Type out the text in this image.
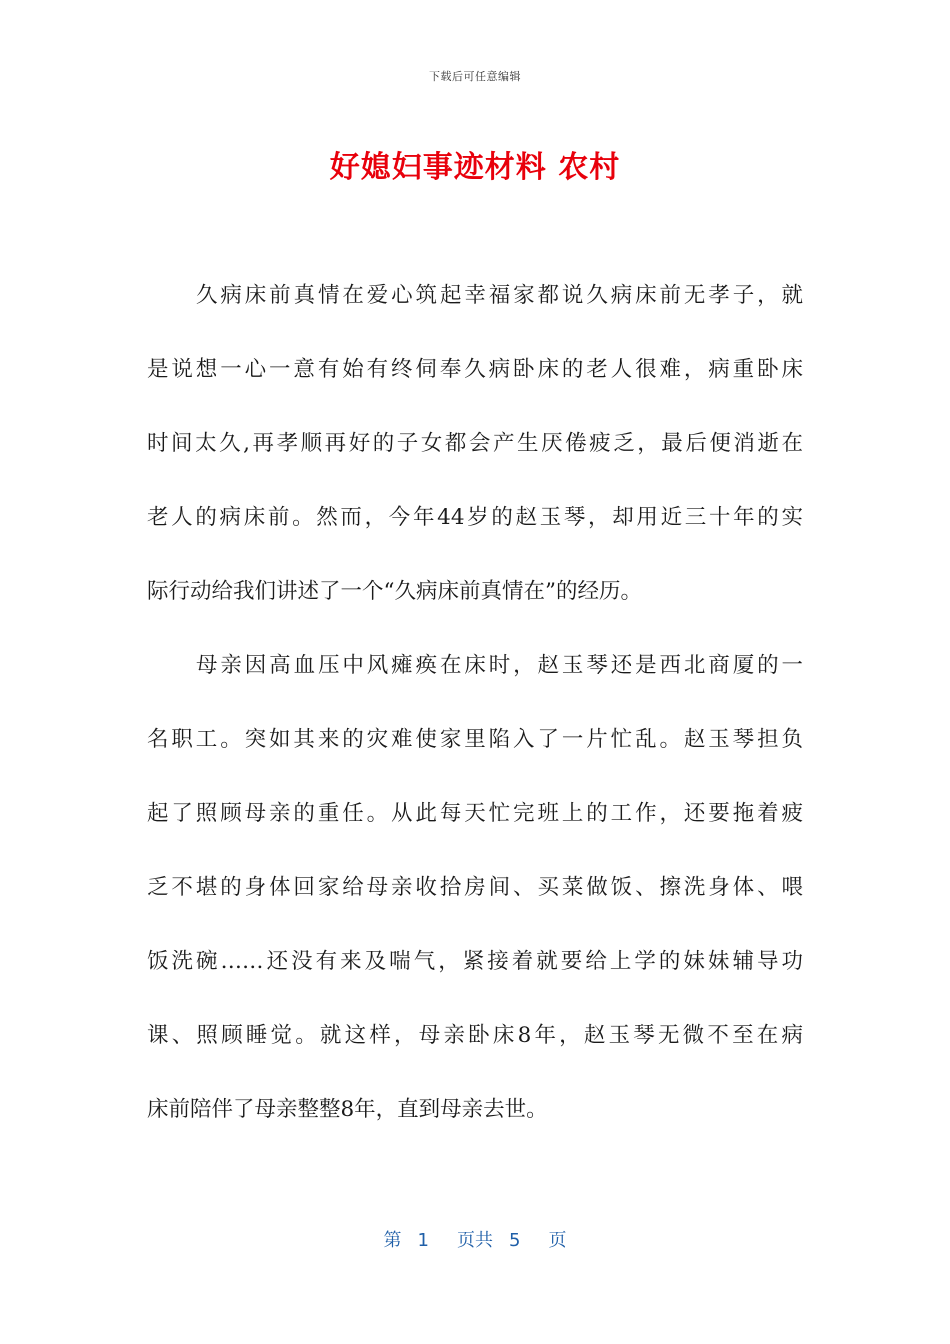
下载后可任意编辑
好媳妇事迹材料 农村
久病床前真情在爱心筑起幸福家都说久病床前无孝子，就
是说想一心一意有始有终伺奉久病卧床的老人很难，病重卧床
时间太久,再孝顺再好的子女都会产生厌倦疲乏，最后便消逝在
老人的病床前。然而，今年44岁的赵玉琴，却用近三十年的实
际行动给我们讲述了一个“久病床前真情在”的经历。
母亲因高血压中风瘫痪在床时，赵玉琴还是西北商厦的一
名职工。突如其来的灾难使家里陷入了一片忙乱。赵玉琴担负
起了照顾母亲的重任。从此每天忙完班上的工作，还要拖着疲
乏不堪的身体回家给母亲收拾房间、买菜做饭、擦洗身体、喂
饭洗碗……还没有来及喘气，紧接着就要给上学的妹妹辅导功
课、照顾睡觉。就这样，母亲卧床8年，赵玉琴无微不至在病
床前陪伴了母亲整整8年，直到母亲去世。
第 1 页共 5 页
